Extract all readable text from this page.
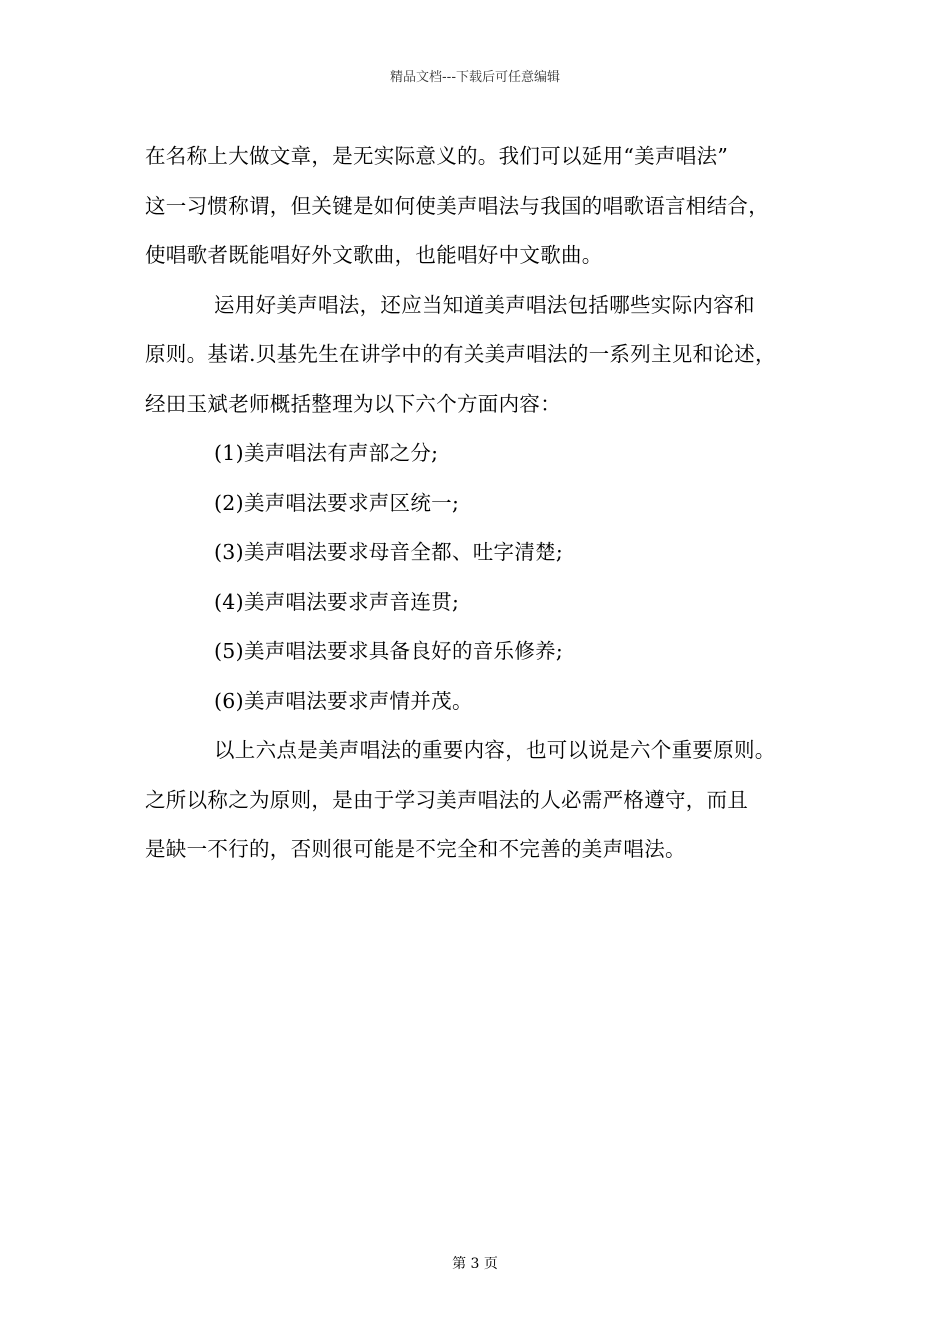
精品文档---下载后可任意编辑

在名称上大做文章，是无实际意义的。我们可以延用“美声唱法”

这一习惯称谓，但关键是如何使美声唱法与我国的唱歌语言相结合，

使唱歌者既能唱好外文歌曲，也能唱好中文歌曲。

运用好美声唱法，还应当知道美声唱法包括哪些实际内容和

原则。基诺.贝基先生在讲学中的有关美声唱法的一系列主见和论述，

经田玉斌老师概括整理为以下六个方面内容：

(1)美声唱法有声部之分;

(2)美声唱法要求声区统一;

(3)美声唱法要求母音全都、吐字清楚;

(4)美声唱法要求声音连贯;

(5)美声唱法要求具备良好的音乐修养;

(6)美声唱法要求声情并茂。

以上六点是美声唱法的重要内容，也可以说是六个重要原则。

之所以称之为原则，是由于学习美声唱法的人必需严格遵守，而且

是缺一不行的，否则很可能是不完全和不完善的美声唱法。

第 3 页
